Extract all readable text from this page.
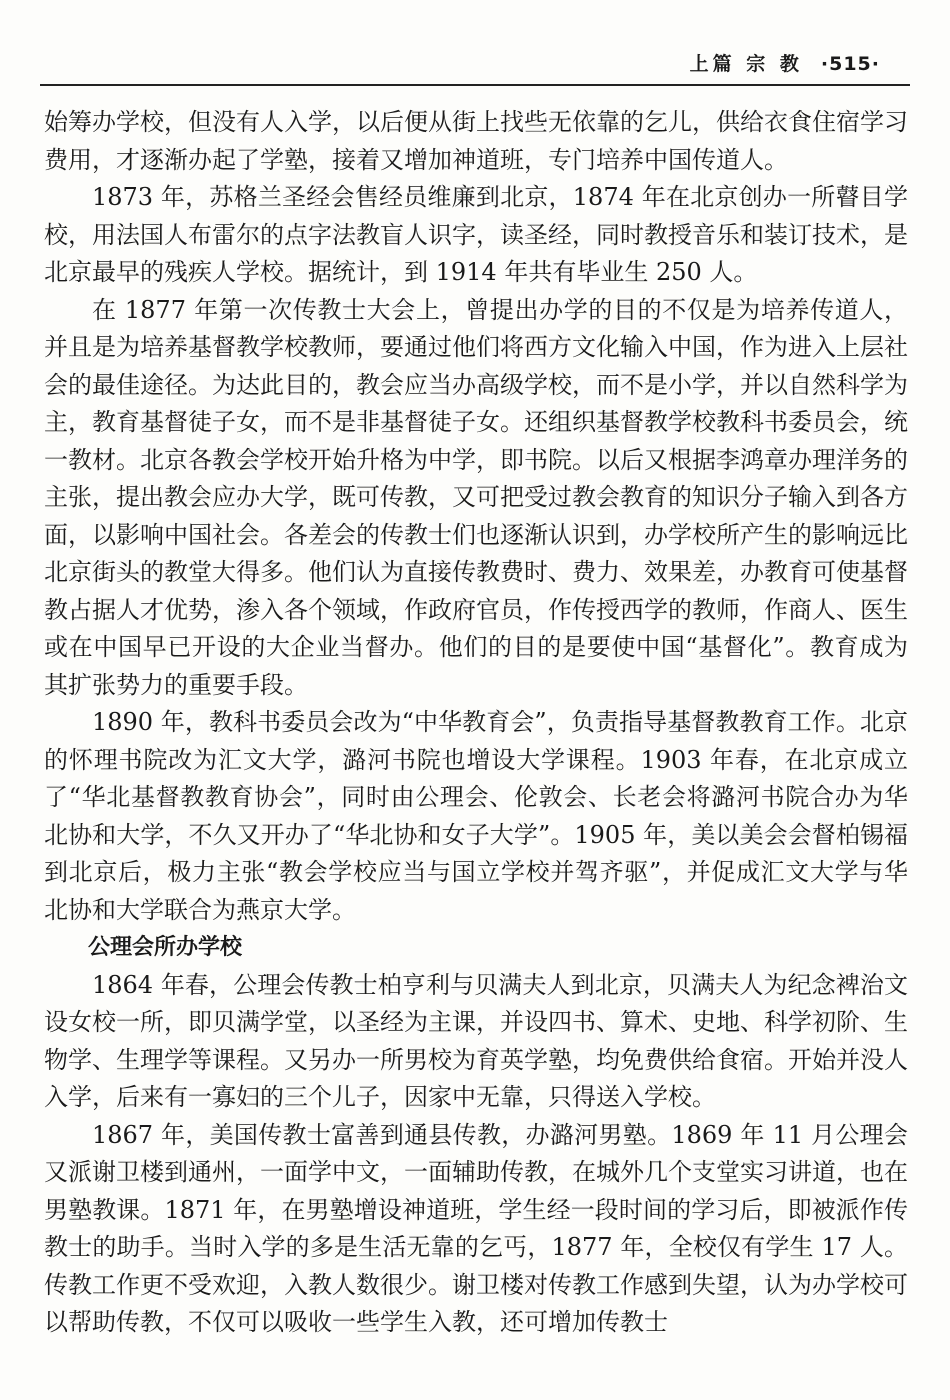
上篇 宗 教 ·515·

始筹办学校，但没有人入学，以后便从街上找些无依靠的乞儿，供给衣食住宿学习费用，才逐渐办起了学塾，接着又增加神道班，专门培养中国传道人。

1873 年，苏格兰圣经会售经员维廉到北京，1874 年在北京创办一所瞽目学校，用法国人布雷尔的点字法教盲人识字，读圣经，同时教授音乐和装订技术，是北京最早的残疾人学校。据统计，到 1914 年共有毕业生 250 人。

在 1877 年第一次传教士大会上，曾提出办学的目的不仅是为培养传道人，并且是为培养基督教学校教师，要通过他们将西方文化输入中国，作为进入上层社会的最佳途径。为达此目的，教会应当办高级学校，而不是小学，并以自然科学为主，教育基督徒子女，而不是非基督徒子女。还组织基督教学校教科书委员会，统一教材。北京各教会学校开始升格为中学，即书院。以后又根据李鸿章办理洋务的主张，提出教会应办大学，既可传教，又可把受过教会教育的知识分子输入到各方面，以影响中国社会。各差会的传教士们也逐渐认识到，办学校所产生的影响远比北京街头的教堂大得多。他们认为直接传教费时、费力、效果差，办教育可使基督教占据人才优势，渗入各个领域，作政府官员，作传授西学的教师，作商人、医生或在中国早已开设的大企业当督办。他们的目的是要使中国“基督化”。教育成为其扩张势力的重要手段。

1890 年，教科书委员会改为“中华教育会”，负责指导基督教教育工作。北京的怀理书院改为汇文大学，潞河书院也增设大学课程。1903 年春，在北京成立了“华北基督教教育协会”，同时由公理会、伦敦会、长老会将潞河书院合办为华北协和大学，不久又开办了“华北协和女子大学”。1905 年，美以美会会督柏锡福到北京后，极力主张“教会学校应当与国立学校并驾齐驱”，并促成汇文大学与华北协和大学联合为燕京大学。

公理会所办学校

1864 年春，公理会传教士柏亨利与贝满夫人到北京，贝满夫人为纪念裨治文设女校一所，即贝满学堂，以圣经为主课，并设四书、算术、史地、科学初阶、生物学、生理学等课程。又另办一所男校为育英学塾，均免费供给食宿。开始并没人入学，后来有一寡妇的三个儿子，因家中无靠，只得送入学校。

1867 年，美国传教士富善到通县传教，办潞河男塾。1869 年 11 月公理会又派谢卫楼到通州，一面学中文，一面辅助传教，在城外几个支堂实习讲道，也在男塾教课。1871 年，在男塾增设神道班，学生经一段时间的学习后，即被派作传教士的助手。当时入学的多是生活无靠的乞丐，1877 年，全校仅有学生 17 人。传教工作更不受欢迎，入教人数很少。谢卫楼对传教工作感到失望，认为办学校可以帮助传教，不仅可以吸收一些学生入教，还可增加传教士
